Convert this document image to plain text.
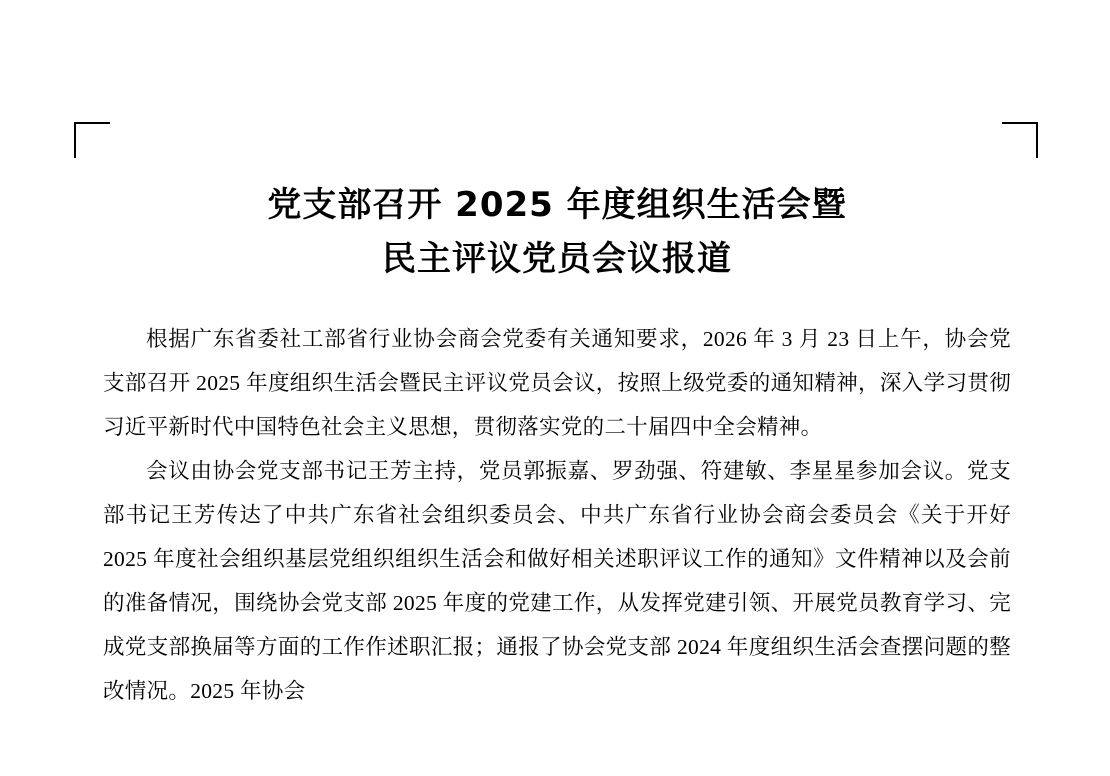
党支部召开 2025 年度组织生活会暨
民主评议党员会议报道

根据广东省委社工部省行业协会商会党委有关通知要求，2026 年 3 月 23 日上午，协会党支部召开 2025 年度组织生活会暨民主评议党员会议，按照上级党委的通知精神，深入学习贯彻习近平新时代中国特色社会主义思想，贯彻落实党的二十届四中全会精神。

会议由协会党支部书记王芳主持，党员郭振嘉、罗劲强、符建敏、李星星参加会议。党支部书记王芳传达了中共广东省社会组织委员会、中共广东省行业协会商会委员会《关于开好 2025 年度社会组织基层党组织组织生活会和做好相关述职评议工作的通知》文件精神以及会前的准备情况，围绕协会党支部 2025 年度的党建工作，从发挥党建引领、开展党员教育学习、完成党支部换届等方面的工作作述职汇报；通报了协会党支部 2024 年度组织生活会查摆问题的整改情况。2025 年协会
